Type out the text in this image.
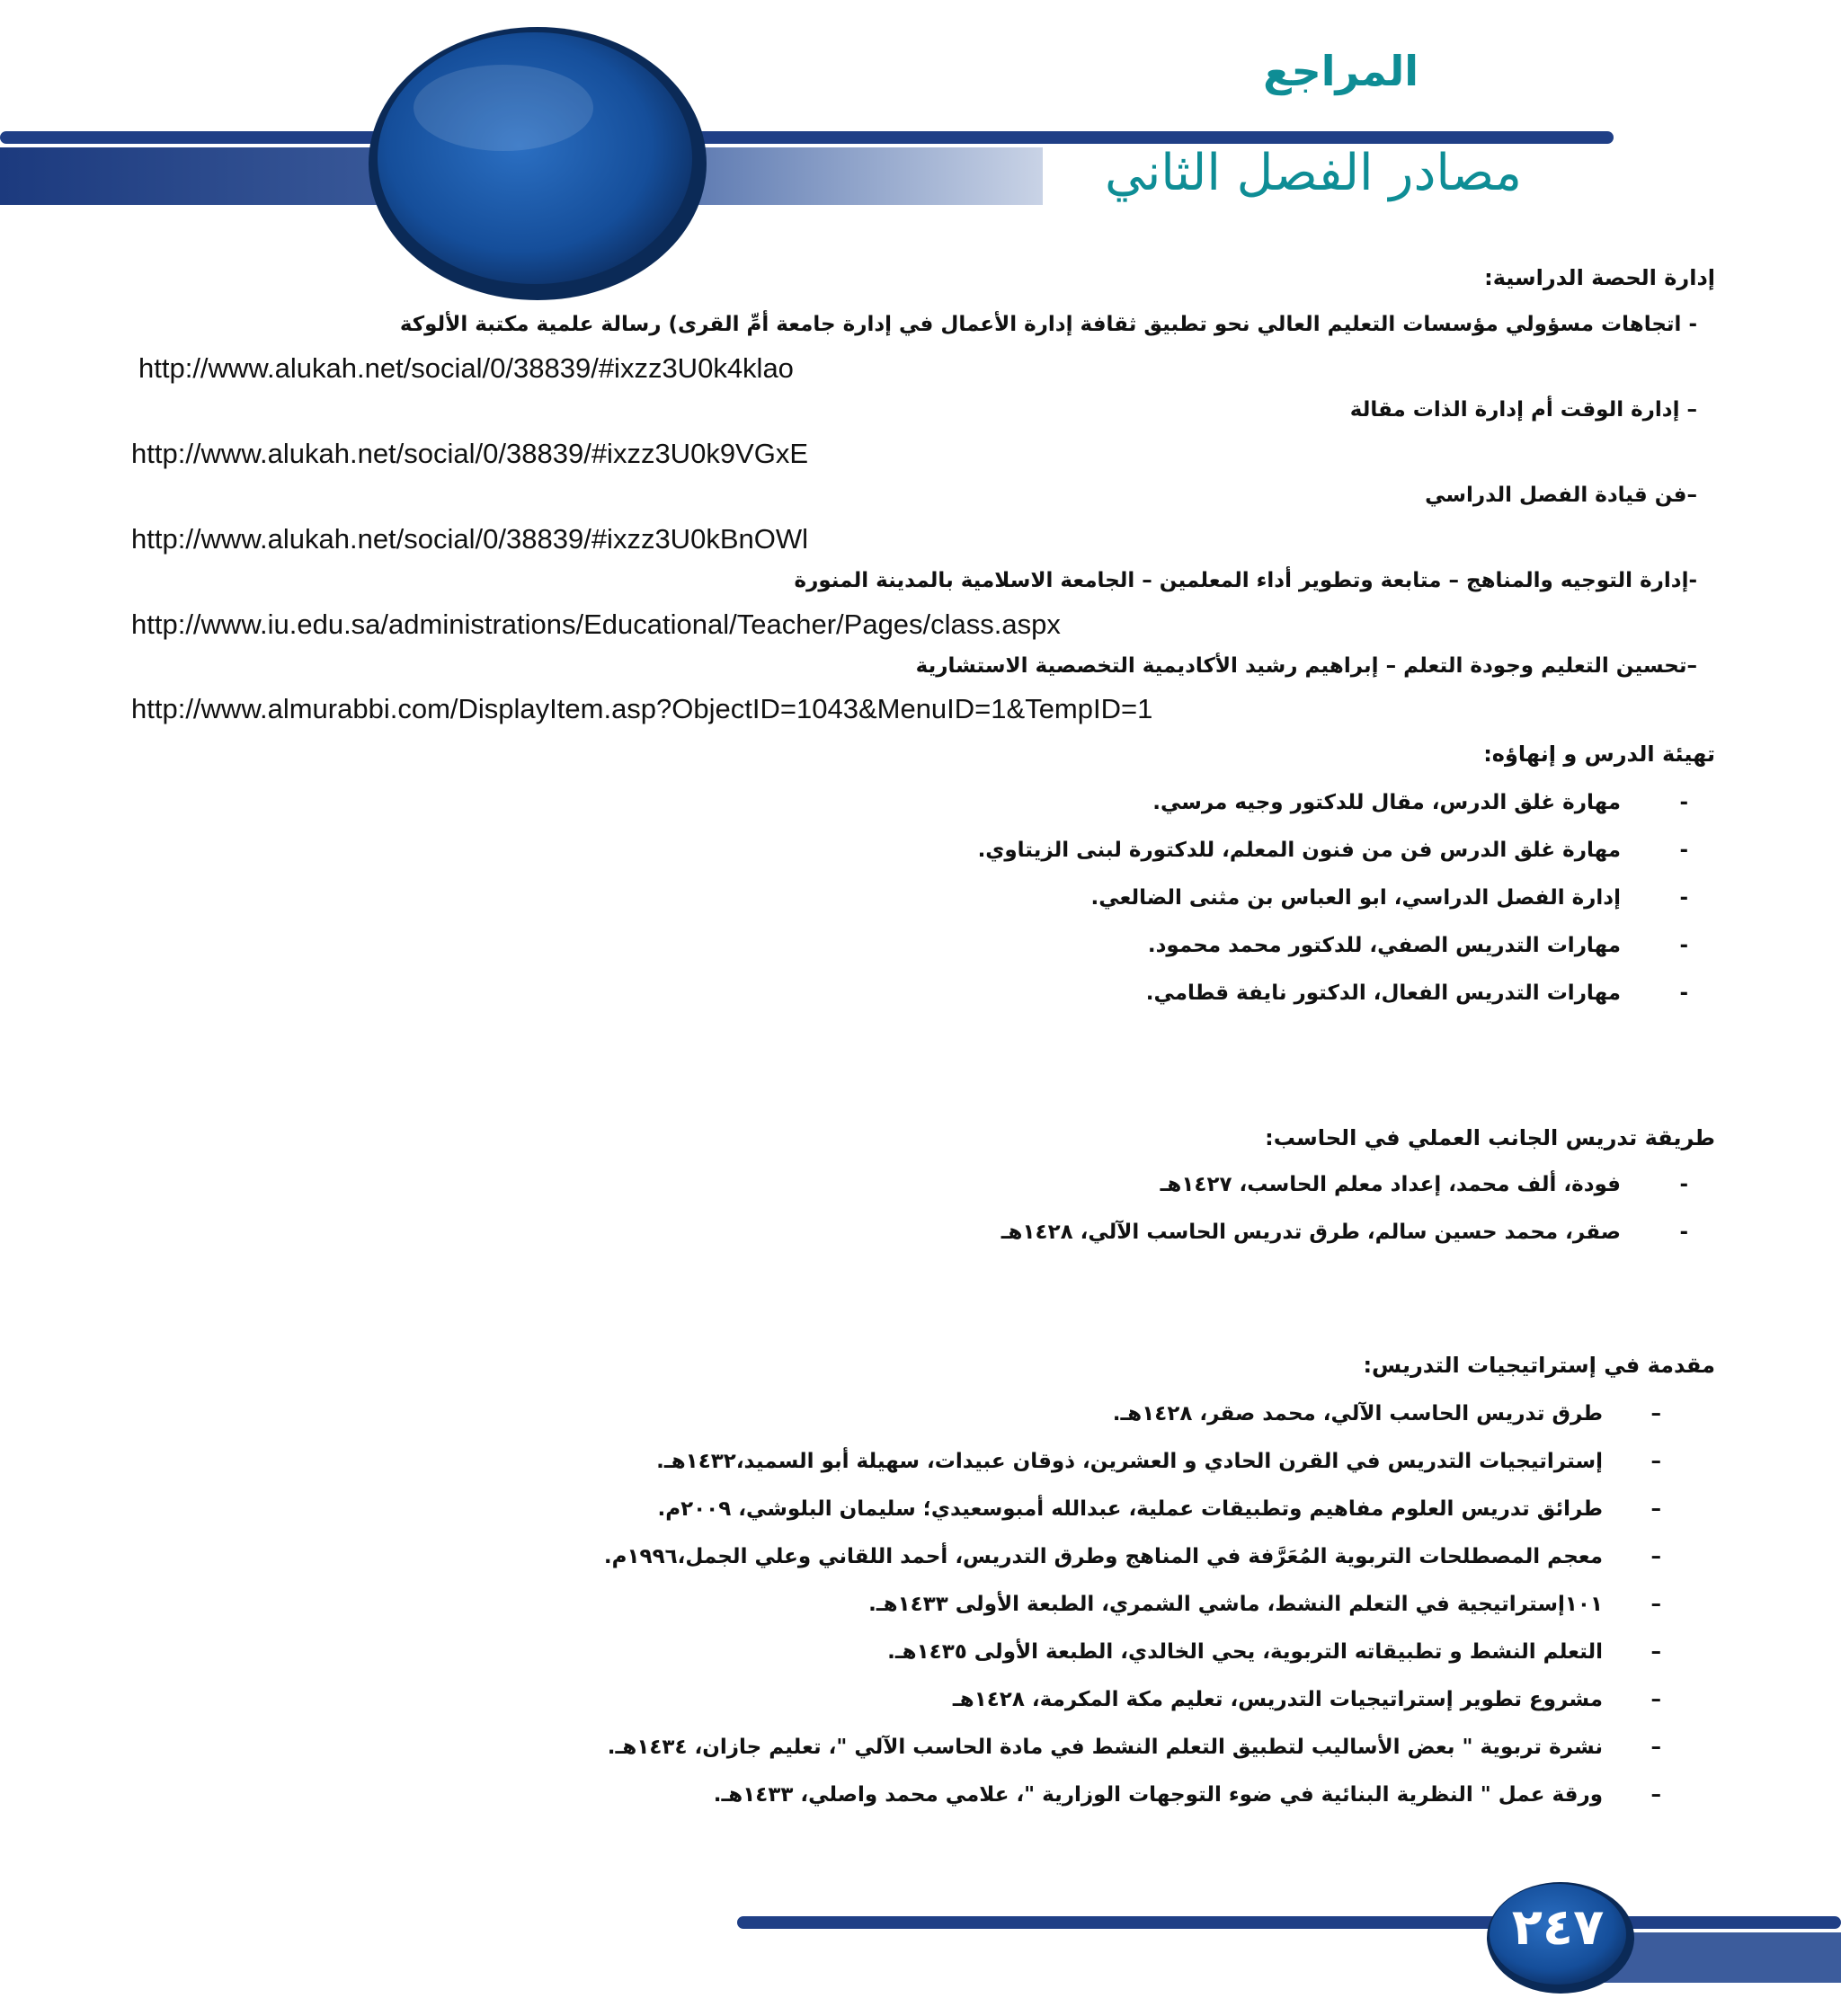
المراجع
مصادر الفصل الثاني
إدارة الحصة الدراسية:
- اتجاهات مسؤولي مؤسسات التعليم العالي نحو تطبيق ثقافة إدارة الأعمال في إدارة جامعة أمِّ القرى) رسالة علمية مكتبة الألوكة
http://www.alukah.net/social/0/38839/#ixzz3U0k4klao
– إدارة الوقت أم إدارة الذات مقالة
http://www.alukah.net/social/0/38839/#ixzz3U0k9VGxE
–فن قيادة الفصل الدراسي
http://www.alukah.net/social/0/38839/#ixzz3U0kBnOWl
-إدارة التوجيه والمناهج – متابعة وتطوير أداء المعلمين – الجامعة الاسلامية بالمدينة المنورة
http://www.iu.edu.sa/administrations/Educational/Teacher/Pages/class.aspx
–تحسين التعليم وجودة التعلم – إبراهيم رشيد الأكاديمية التخصصية الاستشارية
http://www.almurabbi.com/DisplayItem.asp?ObjectID=1043&MenuID=1&TempID=1
تهيئة الدرس و إنهاؤه:
-
مهارة غلق الدرس، مقال للدكتور وجيه مرسي.
-
مهارة غلق الدرس فن من فنون المعلم، للدكتورة لبنى الزيتاوي.
-
إدارة الفصل الدراسي، ابو العباس بن مثنى الضالعي.
-
مهارات التدريس الصفي، للدكتور محمد محمود.
-
مهارات التدريس الفعال، الدكتور نايفة قطامي.
طريقة تدريس الجانب العملي في الحاسب:
-
فودة، ألف محمد، إعداد معلم الحاسب، ١٤٢٧هـ
-
صقر، محمد حسين سالم، طرق تدريس الحاسب الآلي، ١٤٢٨هـ
مقدمة في إستراتيجيات التدريس:
–
طرق تدريس الحاسب الآلي، محمد صقر، ١٤٢٨هـ.
–
إستراتيجيات التدريس في القرن الحادي و العشرين، ذوقان عبيدات، سهيلة أبو السميد،١٤٣٢هـ.
–
طرائق تدريس العلوم مفاهيم وتطبيقات عملية، عبدالله أمبوسعيدي؛ سليمان البلوشي، ٢٠٠٩م.
–
معجم المصطلحات التربوية المُعَرَّفة في المناهج وطرق التدريس، أحمد اللقاني وعلي الجمل،١٩٩٦م.
–
١٠١إستراتيجية في التعلم النشط، ماشي الشمري، الطبعة الأولى ١٤٣٣هـ.
–
التعلم النشط و تطبيقاته التربوية، يحي الخالدي، الطبعة الأولى ١٤٣٥هـ.
–
مشروع تطوير إستراتيجيات التدريس، تعليم مكة المكرمة، ١٤٢٨هـ
–
نشرة تربوية " بعض الأساليب لتطبيق التعلم النشط في مادة الحاسب الآلي "، تعليم جازان، ١٤٣٤هـ.
–
ورقة عمل " النظرية البنائية في ضوء التوجهات الوزارية "، علامي محمد واصلي، ١٤٣٣هـ.
٢٤٧
